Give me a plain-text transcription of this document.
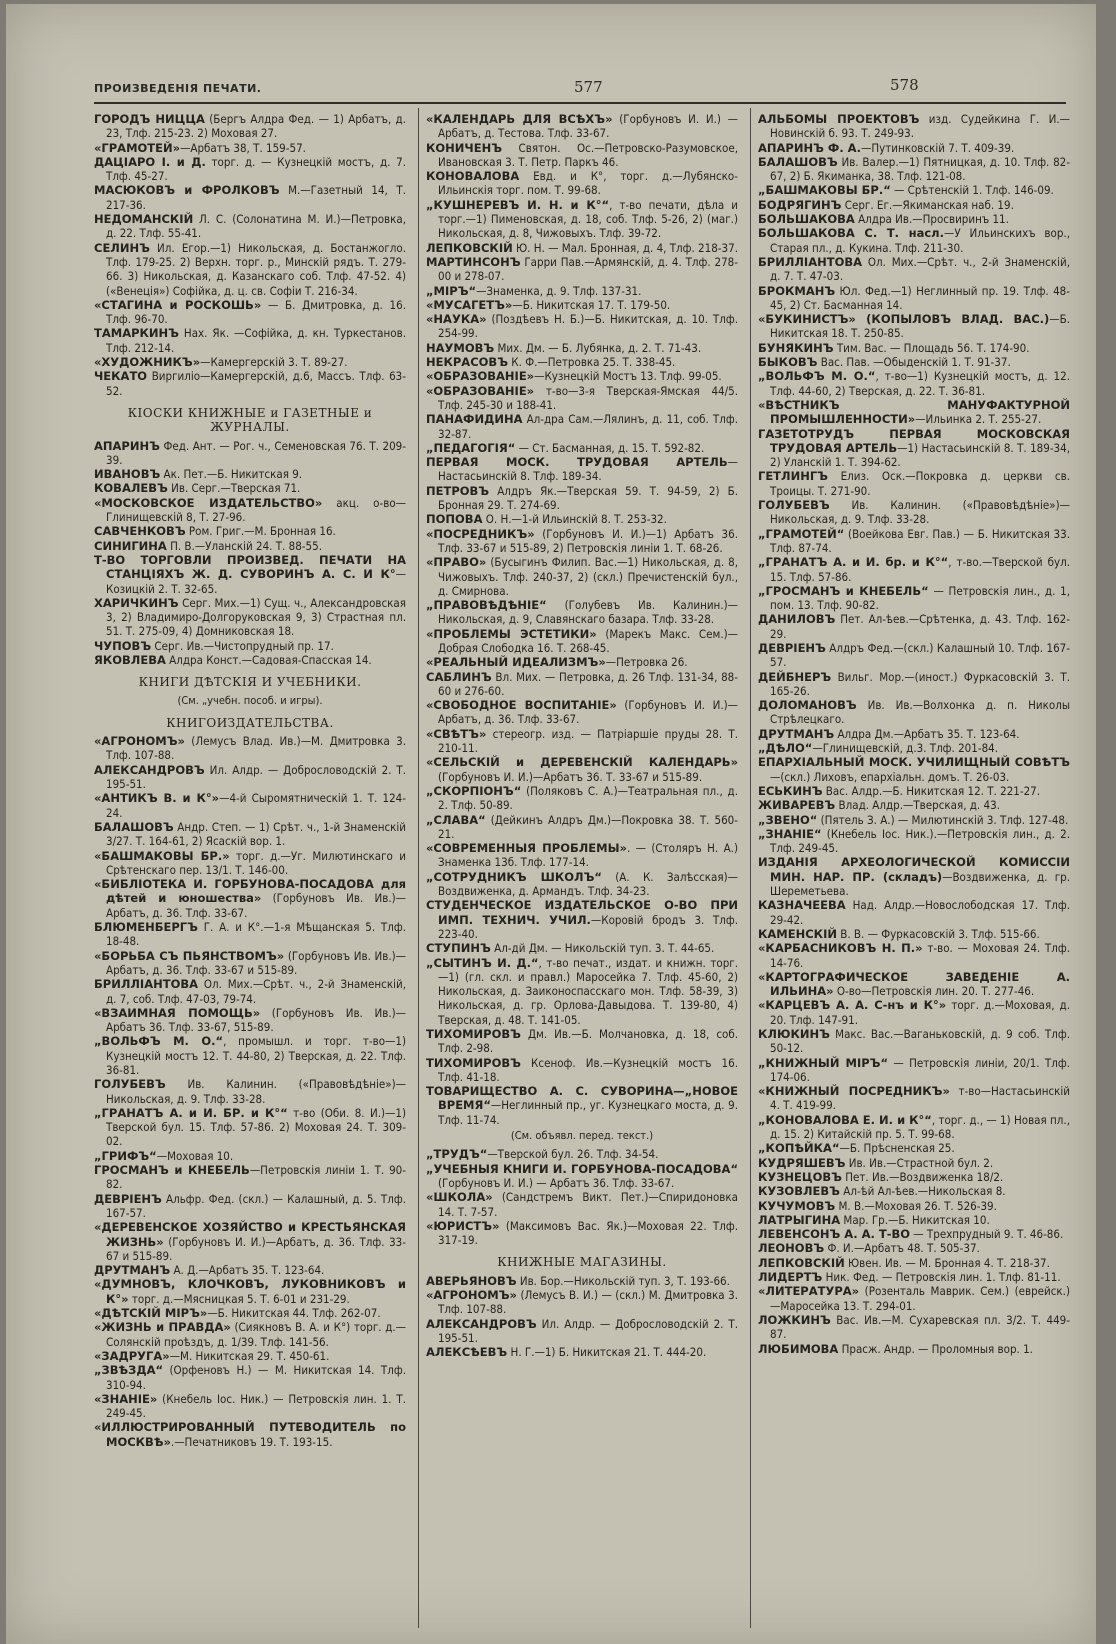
ПРОИЗВЕДЕНІЯ ПЕЧАТИ.	577	578

ГОРОДЪ НИЦЦА (Бергъ Алдра Фед. — 1) Арбатъ, д. 23, Тлф. 215-23. 2) Моховая 27.

«ГРАМОТЕЙ»—Арбатъ 38, Т. 159-57.

ДАЦІАРО І. и Д. торг. д. — Кузнецкій мостъ, д. 7. Тлф. 45-27.

МАСЮКОВЪ и ФРОЛКОВЪ М.—Газетный 14, Т. 217-36.

НЕДОМАНСКІЙ Л. С. (Солонатина М. И.)—Петровка, д. 22. Тлф. 55-41.

СЕЛИНЪ Ил. Егор.—1) Никольская, д. Бостанжогло. Тлф. 179-25. 2) Верхн. торг. р., Минскій рядъ. Т. 279-66. 3) Никольская, д. Казанскаго соб. Тлф. 47-52. 4) («Венеція») Софійка, д. ц. св. Софіи Т. 216-34.

«СТАГИНА и РОСКОШЬ» — Б. Дмитровка, д. 16. Тлф. 96-70.

ТАМАРКИНЪ Нах. Як. —Софійка, д. кн. Туркестанов. Тлф. 212-14.

«ХУДОЖНИКЪ»—Камергерскій 3. Т. 89-27.

ЧЕКАТО Виргиліо—Камергерскій, д.6, Массъ. Тлф. 63-52.

КІОСКИ КНИЖНЫЕ и ГАЗЕТНЫЕ и ЖУРНАЛЫ.

АПАРИНЪ Фед. Ант. — Рог. ч., Семеновская 76. Т. 209-39.

ИВАНОВЪ Ак. Пет.—Б. Никитская 9.

КОВАЛЕВЪ Ив. Серг.—Тверская 71.

«МОСКОВСКОЕ ИЗДАТЕЛЬСТВО» акц. о-во—Глинищевскій 8, Т. 27-96.

САВЧЕНКОВЪ Ром. Григ.—М. Бронная 16.

СИНИГИНА П. В.—Уланскій 24. Т. 88-55.

Т-ВО ТОРГОВЛИ ПРОИЗВЕД. ПЕЧАТИ НА СТАНЦІЯХЪ Ж. Д. СУВОРИНЪ А. С. И К°—Козицкій 2. Т. 32-65.

ХАРИЧКИНЪ Серг. Мих.—1) Сущ. ч., Александровская 3, 2) Владимиро-Долгоруковская 9, 3) Страстная пл. 51. Т. 275-09, 4) Домниковская 18.

ЧУПОВЪ Серг. Ив.—Чистопрудный пр. 17.

ЯКОВЛЕВА Алдра Конст.—Садовая-Спасская 14.

КНИГИ ДѢТСКІЯ И УЧЕБНИКИ.

(См. „учебн. пособ. и игры).

КНИГОИЗДАТЕЛЬСТВА.

«АГРОНОМЪ» (Лемусъ Влад. Ив.)—М. Дмитровка 3. Тлф. 107-88.

АЛЕКСАНДРОВЪ Ил. Алдр. — Добрословодскій 2. Т. 195-51.

«АНТИКЪ В. и К°»—4-й Сыромятническій 1. Т. 124-24.

БАЛАШОВЪ Андр. Степ. — 1) Срѣт. ч., 1-й Знаменскій 3/27. Т. 164-61, 2) Ясаскій вор. 1.

«БАШМАКОВЫ БР.» торг. д.—Уг. Милютинскаго и Срѣтенскаго пер. 13/1. Т. 146-00.

«БИБЛІОТЕКА И. ГОРБУНОВА-ПОСАДОВА для дѣтей и юношества» (Горбуновъ Ив. Ив.)—Арбатъ, д. 36. Тлф. 33-67.

БЛЮМЕНБЕРГЪ Г. А. и К°.—1-я Мѣщанская 5. Тлф. 18-48.

«БОРЬБА СЪ ПЬЯНСТВОМЪ» (Горбуновъ Ив. Ив.)—Арбатъ, д. 36. Тлф. 33-67 и 515-89.

БРИЛЛІАНТОВА Ол. Мих.—Срѣт. ч., 2-й Знаменскій, д. 7, соб. Тлф. 47-03, 79-74.

«ВЗАИМНАЯ ПОМОЩЬ» (Горбуновъ Ив. Ив.)—Арбатъ 36. Тлф. 33-67, 515-89.

„ВОЛЬФЪ М. О.“, промышл. и торг. т-во—1) Кузнецкій мостъ 12. Т. 44-80, 2) Тверская, д. 22. Тлф. 36-81.

ГОЛУБЕВЪ Ив. Калинин. («Правовѣдѣніе»)—Никольская, д. 9. Тлф. 33-28.

„ГРАНАТЪ А. и И. БР. и К°“ т-во (Оби. 8. И.)—1) Тверской бул. 15. Тлф. 57-86. 2) Моховая 24. Т. 309-02.

„ГРИФЪ“—Моховая 10.

ГРОСМАНЪ и КНЕБЕЛЬ—Петровскія линіи 1. Т. 90-82.

ДЕВРІЕНЪ Альфр. Фед. (скл.) — Калашный, д. 5. Тлф. 167-57.

«ДЕРЕВЕНСКОЕ ХОЗЯЙСТВО и КРЕСТЬЯНСКАЯ ЖИЗНЬ» (Горбуновъ И. И.)—Арбатъ, д. 36. Тлф. 33-67 и 515-89.

ДРУТМАНЪ А. Д.—Арбатъ 35. Т. 123-64.

«ДУМНОВЪ, КЛОЧКОВЪ, ЛУКОВНИКОВЪ и К°» торг. д.—Мясницкая 5. Т. 6-01 и 231-29.

«ДѢТСКІЙ МІРЪ»—Б. Никитская 44. Тлф. 262-07.

«ЖИЗНЬ и ПРАВДА» (Сиякновъ В. А. и К°) торг. д.—Солянскій проѣздъ, д. 1/39. Тлф. 141-56.

«ЗАДРУГА»—М. Никитская 29. Т. 450-61.

„ЗВѢЗДА“ (Орфеновъ Н.) — М. Никитская 14. Тлф. 310-94.

«ЗНАНІЕ» (Кнебель Іос. Ник.) — Петровскія лин. 1. Т. 249-45.

«ИЛЛЮСТРИРОВАННЫЙ ПУТЕВОДИТЕЛЬ по МОСКВѢ».—Печатниковъ 19. Т. 193-15.

«КАЛЕНДАРЬ ДЛЯ ВСѢХЪ» (Горбуновъ И. И.) — Арбатъ, д. Тестова. Тлф. 33-67.

КОНИЧЕНЪ Святон. Ос.—Петровско-Разумовское, Ивановская 3. Т. Петр. Паркъ 46.

КОНОВАЛОВА Евд. и К°, торг. д.—Лубянско-Ильинскія торг. пом. Т. 99-68.

„КУШНЕРЕВЪ И. Н. и К°“, т-во печати, дѣла и торг.—1) Пименовская, д. 18, соб. Тлф. 5-26, 2) (маг.) Никольская, д. 8, Чижовыхъ. Тлф. 39-72.

ЛЕПКОВСКІЙ Ю. Н. — Мал. Бронная, д. 4, Тлф. 218-37.

МАРТИНСОНЪ Гарри Пав.—Армянскій, д. 4. Тлф. 278-00 и 278-07.

„МІРЪ“—Знаменка, д. 9. Тлф. 137-31.

«МУСАГЕТЪ»—Б. Никитская 17. Т. 179-50.

«НАУКА» (Поздѣевъ Н. Б.)—Б. Никитская, д. 10. Тлф. 254-99.

НАУМОВЪ Мих. Дм. — Б. Лубянка, д. 2. Т. 71-43.

НЕКРАСОВЪ К. Ф.—Петровка 25. Т. 338-45.

«ОБРАЗОВАНІЕ»—Кузнецкій Мостъ 13. Тлф. 99-05.

«ОБРАЗОВАНІЕ» т-во—3-я Тверская-Ямская 44/5. Тлф. 245-30 и 188-41.

ПАНАФИДИНА Ал-дра Сам.—Лялинъ, д. 11, соб. Тлф. 32-87.

„ПЕДАГОГІЯ“ — Ст. Басманная, д. 15. Т. 592-82.

ПЕРВАЯ МОСК. ТРУДОВАЯ АРТЕЛЬ—Настасьинскій 8. Тлф. 189-34.

ПЕТРОВЪ Алдръ Як.—Тверская 59. Т. 94-59, 2) Б. Бронная 29. Т. 274-69.

ПОПОВА О. Н.—1-й Ильинскій 8. Т. 253-32.

«ПОСРЕДНИКЪ» (Горбуновъ И. И.)—1) Арбатъ 36. Тлф. 33-67 и 515-89, 2) Петровскія линіи 1. Т. 68-26.

«ПРАВО» (Бусыгинъ Филип. Вас.—1) Никольская, д. 8, Чижовыхъ. Тлф. 240-37, 2) (скл.) Пречистенскій бул., д. Смирнова.

„ПРАВОВѢДѢНІЕ“ (Голубевъ Ив. Калинин.)—Никольская, д. 9, Славянскаго базара. Тлф. 33-28.

«ПРОБЛЕМЫ ЭСТЕТИКИ» (Марекъ Макс. Сем.)—Добрая Слободка 16. Т. 268-45.

«РЕАЛЬНЫЙ ИДЕАЛИЗМЪ»—Петровка 26.

САБЛИНЪ Вл. Мих. — Петровка, д. 26 Тлф. 131-34, 88-60 и 276-60.

«СВОБОДНОЕ ВОСПИТАНІЕ» (Горбуновъ И. И.)—Арбатъ, д. 36. Тлф. 33-67.

«СВѢТЪ» стереогр. изд. — Патріаршіе пруды 28. Т. 210-11.

«СЕЛЬСКІЙ и ДЕРЕВЕНСКІЙ КАЛЕНДАРЬ» (Горбуновъ И. И.)—Арбатъ 36. Т. 33-67 и 515-89.

„СКОРПІОНЪ“ (Поляковъ С. А.)—Театральная пл., д. 2. Тлф. 50-89.

„СЛАВА“ (Дейкинъ Алдръ Дм.)—Покровка 38. Т. 560-21.

«СОВРЕМЕННЫЯ ПРОБЛЕМЫ». — (Столяръ Н. А.) Знаменка 13б. Тлф. 177-14.

„СОТРУДНИКЪ ШКОЛЪ“ (А. К. Залѣсская)—Воздвиженка, д. Армандъ. Тлф. 34-23.

СТУДЕНЧЕСКОЕ ИЗДАТЕЛЬСКОЕ О-ВО ПРИ ИМП. ТЕХНИЧ. УЧИЛ.—Коровій бродъ 3. Тлф. 223-40.

СТУПИНЪ Ал-дй Дм. — Никольскій туп. 3. Т. 44-65.

„СЫТИНЪ И. Д.“, т-во печат., издат. и книжн. торг.—1) (гл. скл. и правл.) Маросейка 7. Тлф. 45-60, 2) Никольская, д. Заиконоспасскаго мон. Тлф. 58-39, 3) Никольская, д. гр. Орлова-Давыдова. Т. 139-80, 4) Тверская, д. 48. Т. 141-05.

ТИХОМИРОВЪ Дм. Ив.—Б. Молчановка, д. 18, соб. Тлф. 2-98.

ТИХОМИРОВЪ Ксеноф. Ив.—Кузнецкій мостъ 16. Тлф. 41-18.

ТОВАРИЩЕСТВО А. С. СУВОРИНА—„НОВОЕ ВРЕМЯ“—Неглинный пр., уг. Кузнецкаго моста, д. 9. Тлф. 11-74.

(См. объявл. перед. текст.)

„ТРУДЪ“—Тверской бул. 26. Тлф. 34-54.

„УЧЕБНЫЯ КНИГИ И. ГОРБУНОВА-ПОСАДОВА“ (Горбуновъ И. И.) — Арбатъ 36. Тлф. 33-67.

«ШКОЛА» (Сандстремъ Викт. Пет.)—Спиридоновка 14. Т. 7-57.

«ЮРИСТЪ» (Максимовъ Вас. Як.)—Моховая 22. Тлф. 317-19.

КНИЖНЫЕ МАГАЗИНЫ.

АВЕРЬЯНОВЪ Ив. Бор.—Никольскій туп. 3, Т. 193-66.

«АГРОНОМЪ» (Лемусъ В. И.) — (скл.) М. Дмитровка 3. Тлф. 107-88.

АЛЕКСАНДРОВЪ Ил. Алдр. — Добрословодскій 2. Т. 195-51.

АЛЕКСѢЕВЪ Н. Г.—1) Б. Никитская 21. Т. 444-20.

АЛЬБОМЫ ПРОЕКТОВЪ изд. Судейкина Г. И.—Новинскій б. 93. Т. 249-93.

АПАРИНЪ Ф. А.—Путинковскій 7. Т. 409-39.

БАЛАШОВЪ Ив. Валер.—1) Пятницкая, д. 10. Тлф. 82-67, 2) Б. Якиманка, 38. Тлф. 121-08.

„БАШМАКОВЫ БР.“ — Срѣтенскій 1. Тлф. 146-09.

БОДРЯГИНЪ Серг. Ег.—Якиманская наб. 19.

БОЛЬШАКОВА Алдра Ив.—Просвиринъ 11.

БОЛЬШАКОВА С. Т. насл.—У Ильинскихъ вор., Старая пл., д. Кукина. Тлф. 211-30.

БРИЛЛІАНТОВА Ол. Мих.—Срѣт. ч., 2-й Знаменскій, д. 7. Т. 47-03.

БРОКМАНЪ Юл. Фед.—1) Неглинный пр. 19. Тлф. 48-45, 2) Ст. Басманная 14.

«БУКИНИСТЪ» (КОПЫЛОВЪ ВЛАД. ВАС.)—Б. Никитская 18. Т. 250-85.

БУНЯКИНЪ Тим. Вас. — Площадь 56. Т. 174-90.

БЫКОВЪ Вас. Пав. —Обыденскій 1. Т. 91-37.

„ВОЛЬФЪ М. О.“, т-во—1) Кузнецкій мостъ, д. 12. Тлф. 44-60, 2) Тверская, д. 22. Т. 36-81.

«ВѢСТНИКЪ МАНУФАКТУРНОЙ ПРОМЫШЛЕННОСТИ»—Ильинка 2. Т. 255-27.

ГАЗЕТОТРУДЪ ПЕРВАЯ МОСКОВСКАЯ ТРУДОВАЯ АРТЕЛЬ—1) Настасьинскій 8. Т. 189-34, 2) Уланскій 1. Т. 394-62.

ГЕТЛИНГЪ Елиз. Оск.—Покровка д. церкви св. Троицы. Т. 271-90.

ГОЛУБЕВЪ Ив. Калинин. («Правовѣдѣніе»)—Никольская, д. 9. Тлф. 33-28.

„ГРАМОТЕЙ“ (Воейкова Евг. Пав.) — Б. Никитская 33. Тлф. 87-74.

„ГРАНАТЪ А. и И. бр. и К°“, т-во.—Тверской бул. 15. Тлф. 57-86.

„ГРОСМАНЪ и КНЕБЕЛЬ“ — Петровскія лин., д. 1, пом. 13. Тлф. 90-82.

ДАНИЛОВЪ Пет. Ал-ѣев.—Срѣтенка, д. 43. Тлф. 162-29.

ДЕВРІЕНЪ Алдръ Фед.—(скл.) Калашный 10. Тлф. 167-57.

ДЕЙБНЕРЪ Вильг. Мор.—(иност.) Фуркасовскій 3. Т. 165-26.

ДОЛОМАНОВЪ Ив. Ив.—Волхонка д. п. Николы Стрѣлецкаго.

ДРУТМАНЪ Алдра Дм.—Арбатъ 35. Т. 123-64.

„ДѢЛО“—Глинищевскій, д.3. Тлф. 201-84.

ЕПАРХІАЛЬНЫЙ МОСК. УЧИЛИЩНЫЙ СОВѢТЪ—(скл.) Лиховъ, епархіальн. домъ. Т. 26-03.

ЕСЬКИНЪ Вас. Алдр.—Б. Никитская 12. Т. 221-27.

ЖИВАРЕВЪ Влад. Алдр.—Тверская, д. 43.

„ЗВЕНО“ (Пятель З. А.) — Милютинскій 3. Тлф. 127-48.

„ЗНАНІЕ“ (Кнебель Іос. Ник.).—Петровскія лин., д. 2. Тлф. 249-45.

ИЗДАНІЯ АРХЕОЛОГИЧЕСКОЙ КОМИССІИ МИН. НАР. ПР. (складъ)—Воздвиженка, д. гр. Шереметьева.

КАЗНАЧЕЕВА Над. Алдр.—Новослободская 17. Тлф. 29-42.

КАМЕНСКІЙ В. В. — Фуркасовскій 3. Тлф. 515-66.

«КАРБАСНИКОВЪ Н. П.» т-во. — Моховая 24. Тлф. 14-76.

«КАРТОГРАФИЧЕСКОЕ ЗАВЕДЕНІЕ А. ИЛЬИНА» О-во—Петровскія лин. 20. Т. 277-46.

«КАРЦЕВЪ А. А. С-нъ и К°» торг. д.—Моховая, д. 20. Тлф. 147-91.

КЛЮКИНЪ Макс. Вас.—Ваганьковскій, д. 9 соб. Тлф. 50-12.

„КНИЖНЫЙ МІРЪ“ — Петровскія линіи, 20/1. Тлф. 174-06.

«КНИЖНЫЙ ПОСРЕДНИКЪ» т-во—Настасьинскій 4. Т. 419-99.

„КОНОВАЛОВА Е. И. и К°“, торг. д., — 1) Новая пл., д. 15. 2) Китайскій пр. 5. Т. 99-68.

„КОПѢЙКА“—Б. Прѣсненская 25.

КУДРЯШЕВЪ Ив. Ив.—Страстной бул. 2.

КУЗНЕЦОВЪ Пет. Ив.—Воздвиженка 18/2.

КУЗОВЛЕВЪ Ал-ѣй Ал-ѣев.—Никольская 8.

КУЧУМОВЪ М. В.—Моховая 26. Т. 526-39.

ЛАТРЫГИНА Мар. Гр.—Б. Никитская 10.

ЛЕВЕНСОНЪ А. А. Т-ВО — Трехпрудный 9. Т. 46-86.

ЛЕОНОВЪ Ф. И.—Арбатъ 48. Т. 505-37.

ЛЕПКОВСКІЙ Ювен. Ив. — М. Бронная 4. Т. 218-37.

ЛИДЕРТЪ Ник. Фед. — Петровскія лин. 1. Тлф. 81-11.

«ЛИТЕРАТУРА» (Розенталь Маврик. Сем.) (еврейск.)—Маросейка 13. Т. 294-01.

ЛОЖКИНЪ Вас. Ив.—М. Сухаревская пл. 3/2. Т. 449-87.

ЛЮБИМОВА Прасж. Андр. — Проломныя вор. 1.
